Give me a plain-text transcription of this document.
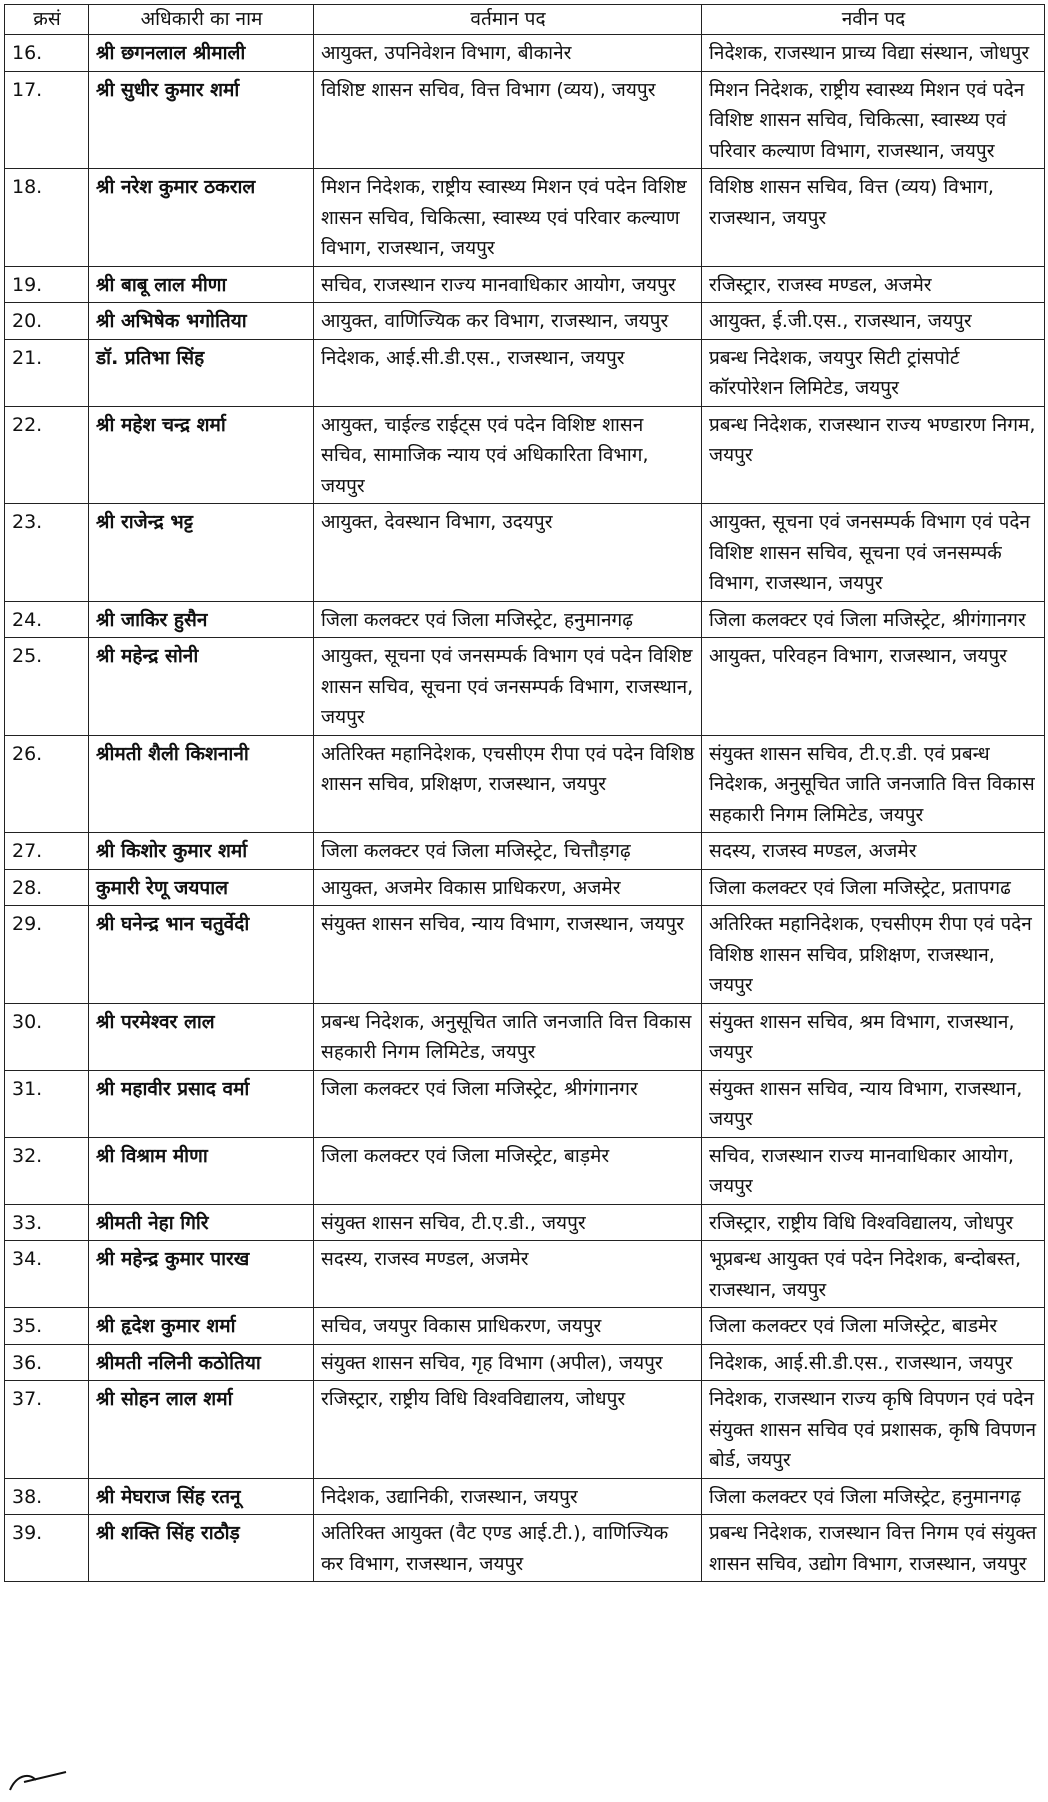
क्रसं	अधिकारी का नाम	वर्तमान पद	नवीन पद
16.	श्री छगनलाल श्रीमाली	आयुक्त, उपनिवेशन विभाग, बीकानेर	निदेशक, राजस्थान प्राच्य विद्या संस्थान, जोधपुर
17.	श्री सुधीर कुमार शर्मा	विशिष्ट शासन सचिव, वित्त विभाग (व्यय), जयपुर	मिशन निदेशक, राष्ट्रीय स्वास्थ्य मिशन एवं पदेन विशिष्ट शासन सचिव, चिकित्सा, स्वास्थ्य एवं परिवार कल्याण विभाग, राजस्थान, जयपुर
18.	श्री नरेश कुमार ठकराल	मिशन निदेशक, राष्ट्रीय स्वास्थ्य मिशन एवं पदेन विशिष्ट शासन सचिव, चिकित्सा, स्वास्थ्य एवं परिवार कल्याण विभाग, राजस्थान, जयपुर	विशिष्ठ शासन सचिव, वित्त (व्यय) विभाग, राजस्थान, जयपुर
19.	श्री बाबू लाल मीणा	सचिव, राजस्थान राज्य मानवाधिकार आयोग, जयपुर	रजिस्ट्रार, राजस्व मण्डल, अजमेर
20.	श्री अभिषेक भगोतिया	आयुक्त, वाणिज्यिक कर विभाग, राजस्थान, जयपुर	आयुक्त, ई.जी.एस., राजस्थान, जयपुर
21.	डॉ. प्रतिभा सिंह	निदेशक, आई.सी.डी.एस., राजस्थान, जयपुर	प्रबन्ध निदेशक, जयपुर सिटी ट्रांसपोर्ट कॉरपोरेशन लिमिटेड, जयपुर
22.	श्री महेश चन्द्र शर्मा	आयुक्त, चाईल्ड राईट्स एवं पदेन विशिष्ट शासन सचिव, सामाजिक न्याय एवं अधिकारिता विभाग, जयपुर	प्रबन्ध निदेशक, राजस्थान राज्य भण्डारण निगम, जयपुर
23.	श्री राजेन्द्र भट्ट	आयुक्त, देवस्थान विभाग, उदयपुर	आयुक्त, सूचना एवं जनसम्पर्क विभाग एवं पदेन विशिष्ट शासन सचिव, सूचना एवं जनसम्पर्क विभाग, राजस्थान, जयपुर
24.	श्री जाकिर हुसैन	जिला कलक्टर एवं जिला मजिस्ट्रेट, हनुमानगढ़	जिला कलक्टर एवं जिला मजिस्ट्रेट, श्रीगंगानगर
25.	श्री महेन्द्र सोनी	आयुक्त, सूचना एवं जनसम्पर्क विभाग एवं पदेन विशिष्ट शासन सचिव, सूचना एवं जनसम्पर्क विभाग, राजस्थान, जयपुर	आयुक्त, परिवहन विभाग, राजस्थान, जयपुर
26.	श्रीमती शैली किशनानी	अतिरिक्त महानिदेशक, एचसीएम रीपा एवं पदेन विशिष्ठ शासन सचिव, प्रशिक्षण, राजस्थान, जयपुर	संयुक्त शासन सचिव, टी.ए.डी. एवं प्रबन्ध निदेशक, अनुसूचित जाति जनजाति वित्त विकास सहकारी निगम लिमिटेड, जयपुर
27.	श्री किशोर कुमार शर्मा	जिला कलक्टर एवं जिला मजिस्ट्रेट, चित्तौड़गढ़	सदस्य, राजस्व मण्डल, अजमेर
28.	कुमारी रेणू जयपाल	आयुक्त, अजमेर विकास प्राधिकरण, अजमेर	जिला कलक्टर एवं जिला मजिस्ट्रेट, प्रतापगढ
29.	श्री घनेन्द्र भान चतुर्वेदी	संयुक्त शासन सचिव, न्याय विभाग, राजस्थान, जयपुर	अतिरिक्त महानिदेशक, एचसीएम रीपा एवं पदेन विशिष्ठ शासन सचिव, प्रशिक्षण, राजस्थान, जयपुर
30.	श्री परमेश्वर लाल	प्रबन्ध निदेशक, अनुसूचित जाति जनजाति वित्त विकास सहकारी निगम लिमिटेड, जयपुर	संयुक्त शासन सचिव, श्रम विभाग, राजस्थान, जयपुर
31.	श्री महावीर प्रसाद वर्मा	जिला कलक्टर एवं जिला मजिस्ट्रेट, श्रीगंगानगर	संयुक्त शासन सचिव, न्याय विभाग, राजस्थान, जयपुर
32.	श्री विश्राम मीणा	जिला कलक्टर एवं जिला मजिस्ट्रेट, बाड़मेर	सचिव, राजस्थान राज्य मानवाधिकार आयोग, जयपुर
33.	श्रीमती नेहा गिरि	संयुक्त शासन सचिव, टी.ए.डी., जयपुर	रजिस्ट्रार, राष्ट्रीय विधि विश्वविद्यालय, जोधपुर
34.	श्री महेन्द्र कुमार पारख	सदस्य, राजस्व मण्डल, अजमेर	भूप्रबन्ध आयुक्त एवं पदेन निदेशक, बन्दोबस्त, राजस्थान, जयपुर
35.	श्री हृदेश कुमार शर्मा	सचिव, जयपुर विकास प्राधिकरण, जयपुर	जिला कलक्टर एवं जिला मजिस्ट्रेट, बाडमेर
36.	श्रीमती नलिनी कठोतिया	संयुक्त शासन सचिव, गृह विभाग (अपील), जयपुर	निदेशक, आई.सी.डी.एस., राजस्थान, जयपुर
37.	श्री सोहन लाल शर्मा	रजिस्ट्रार, राष्ट्रीय विधि विश्वविद्यालय, जोधपुर	निदेशक, राजस्थान राज्य कृषि विपणन एवं पदेन संयुक्त शासन सचिव एवं प्रशासक, कृषि विपणन बोर्ड, जयपुर
38.	श्री मेघराज सिंह रतनू	निदेशक, उद्यानिकी, राजस्थान, जयपुर	जिला कलक्टर एवं जिला मजिस्ट्रेट, हनुमानगढ़
39.	श्री शक्ति सिंह राठौड़	अतिरिक्त आयुक्त (वैट एण्ड आई.टी.), वाणिज्यिक कर विभाग, राजस्थान, जयपुर	प्रबन्ध निदेशक, राजस्थान वित्त निगम एवं संयुक्त शासन सचिव, उद्योग विभाग, राजस्थान, जयपुर
